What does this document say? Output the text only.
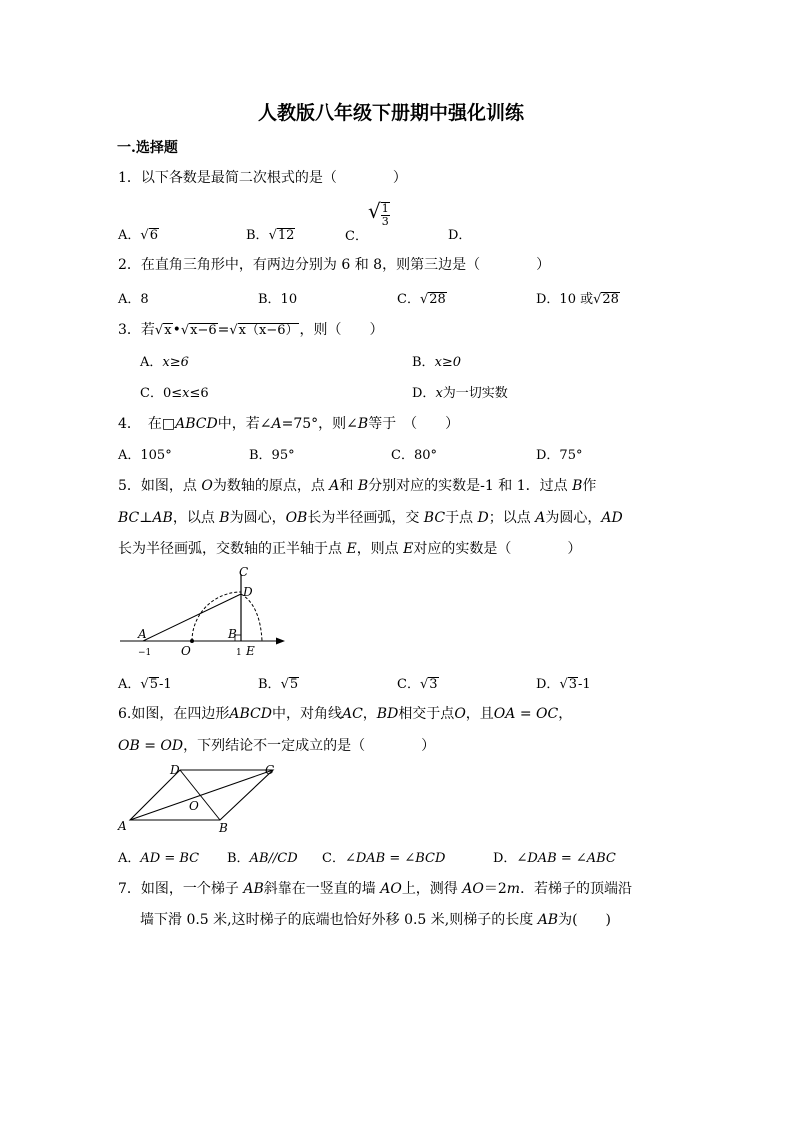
人教版八年级下册期中强化训练
一.选择题
1．以下各数是最简二次根式的是（　　　　）
A．√6	B．√12	C．√ $\frac{1}{3}$
D．
2．在直角三角形中，有两边分别为 6 和 8，则第三边是（　　　　）
A．8	B．10	C．√28	D．10 或√28
3．若√x•√x−6=√x（x−6），则（　　）
A．x≥6	B．x≥0
C．0≤x≤6	D．x为一切实数
4．　在□ABCD中，若∠A=75°，则∠B等于　（　　）
A．105°	B．95°	C．80°	D．75°
5．如图，点 O为数轴的原点，点 A和 B分别对应的实数是-1 和 1．过点 B作
BC⊥AB，以点 B为圆心，OB长为半径画弧，交 BC于点 D；以点 A为圆心，AD
长为半径画弧，交数轴的正半轴于点 E，则点 E对应的实数是（　　　　）
C
D
A	B
O	E
−1	1
A．√5-1	B．√5	C．√3	D．√3-1
6.如图，在四边形ABCD中，对角线AC，BD相交于点O，且OA = OC，
OB = OD，下列结论不一定成立的是（　　　　）
A	B
C
D
O
A．AD = BC B．AB//CD C．∠DAB = ∠BCD	D．∠DAB = ∠ABC
7．如图，一个梯子 AB斜靠在一竖直的墙 AO上，测得 AO＝2m．若梯子的顶端沿
墙下滑 0.5 米,这时梯子的底端也恰好外移 0.5 米,则梯子的长度 AB为(　　)
